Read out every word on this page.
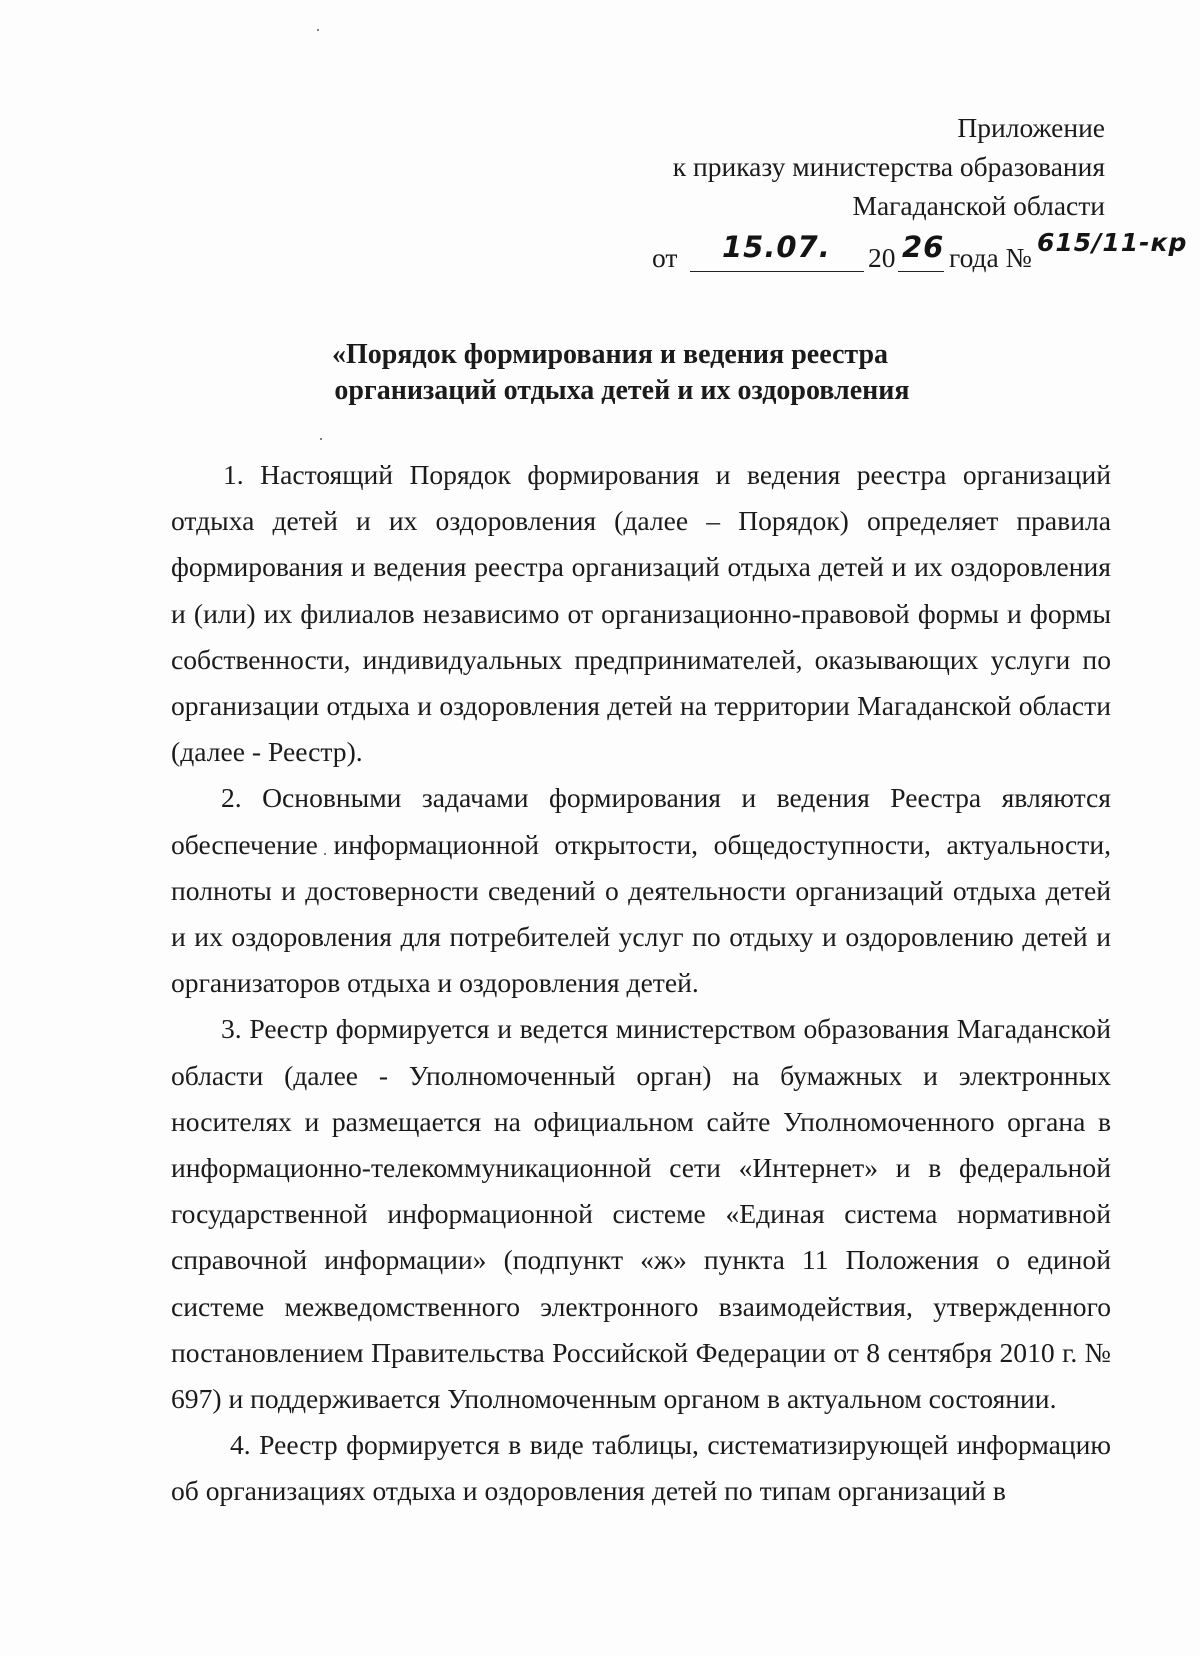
Приложение
к приказу министерства образования
Магаданской области
от 15.07. 20 26 года № 615/11-кр
«Порядок формирования и ведения реестра
организаций отдыха детей и их оздоровления

1. Настоящий Порядок формирования и ведения реестра организаций отдыха детей и их оздоровления (далее – Порядок) определяет правила формирования и ведения реестра организаций отдыха детей и их оздоровления и (или) их филиалов независимо от организационно-правовой формы и формы собственности, индивидуальных предпринимателей, оказывающих услуги по организации отдыха и оздоровления детей на территории Магаданской области (далее - Реестр).

2. Основными задачами формирования и ведения Реестра являются обеспечение информационной открытости, общедоступности, актуальности, полноты и достоверности сведений о деятельности организаций отдыха детей и их оздоровления для потребителей услуг по отдыху и оздоровлению детей и организаторов отдыха и оздоровления детей.

3. Реестр формируется и ведется министерством образования Магаданской области (далее - Уполномоченный орган) на бумажных и электронных носителях и размещается на официальном сайте Уполномоченного органа в информационно-телекоммуникационной сети «Интернет» и в федеральной государственной информационной системе «Единая система нормативной справочной информации» (подпункт «ж» пункта 11 Положения о единой системе межведомственного электронного взаимодействия, утвержденного постановлением Правительства Российской Федерации от 8 сентября 2010 г. № 697) и поддерживается Уполномоченным органом в актуальном состоянии.

4. Реестр формируется в виде таблицы, систематизирующей информацию об организациях отдыха и оздоровления детей по типам организаций в
